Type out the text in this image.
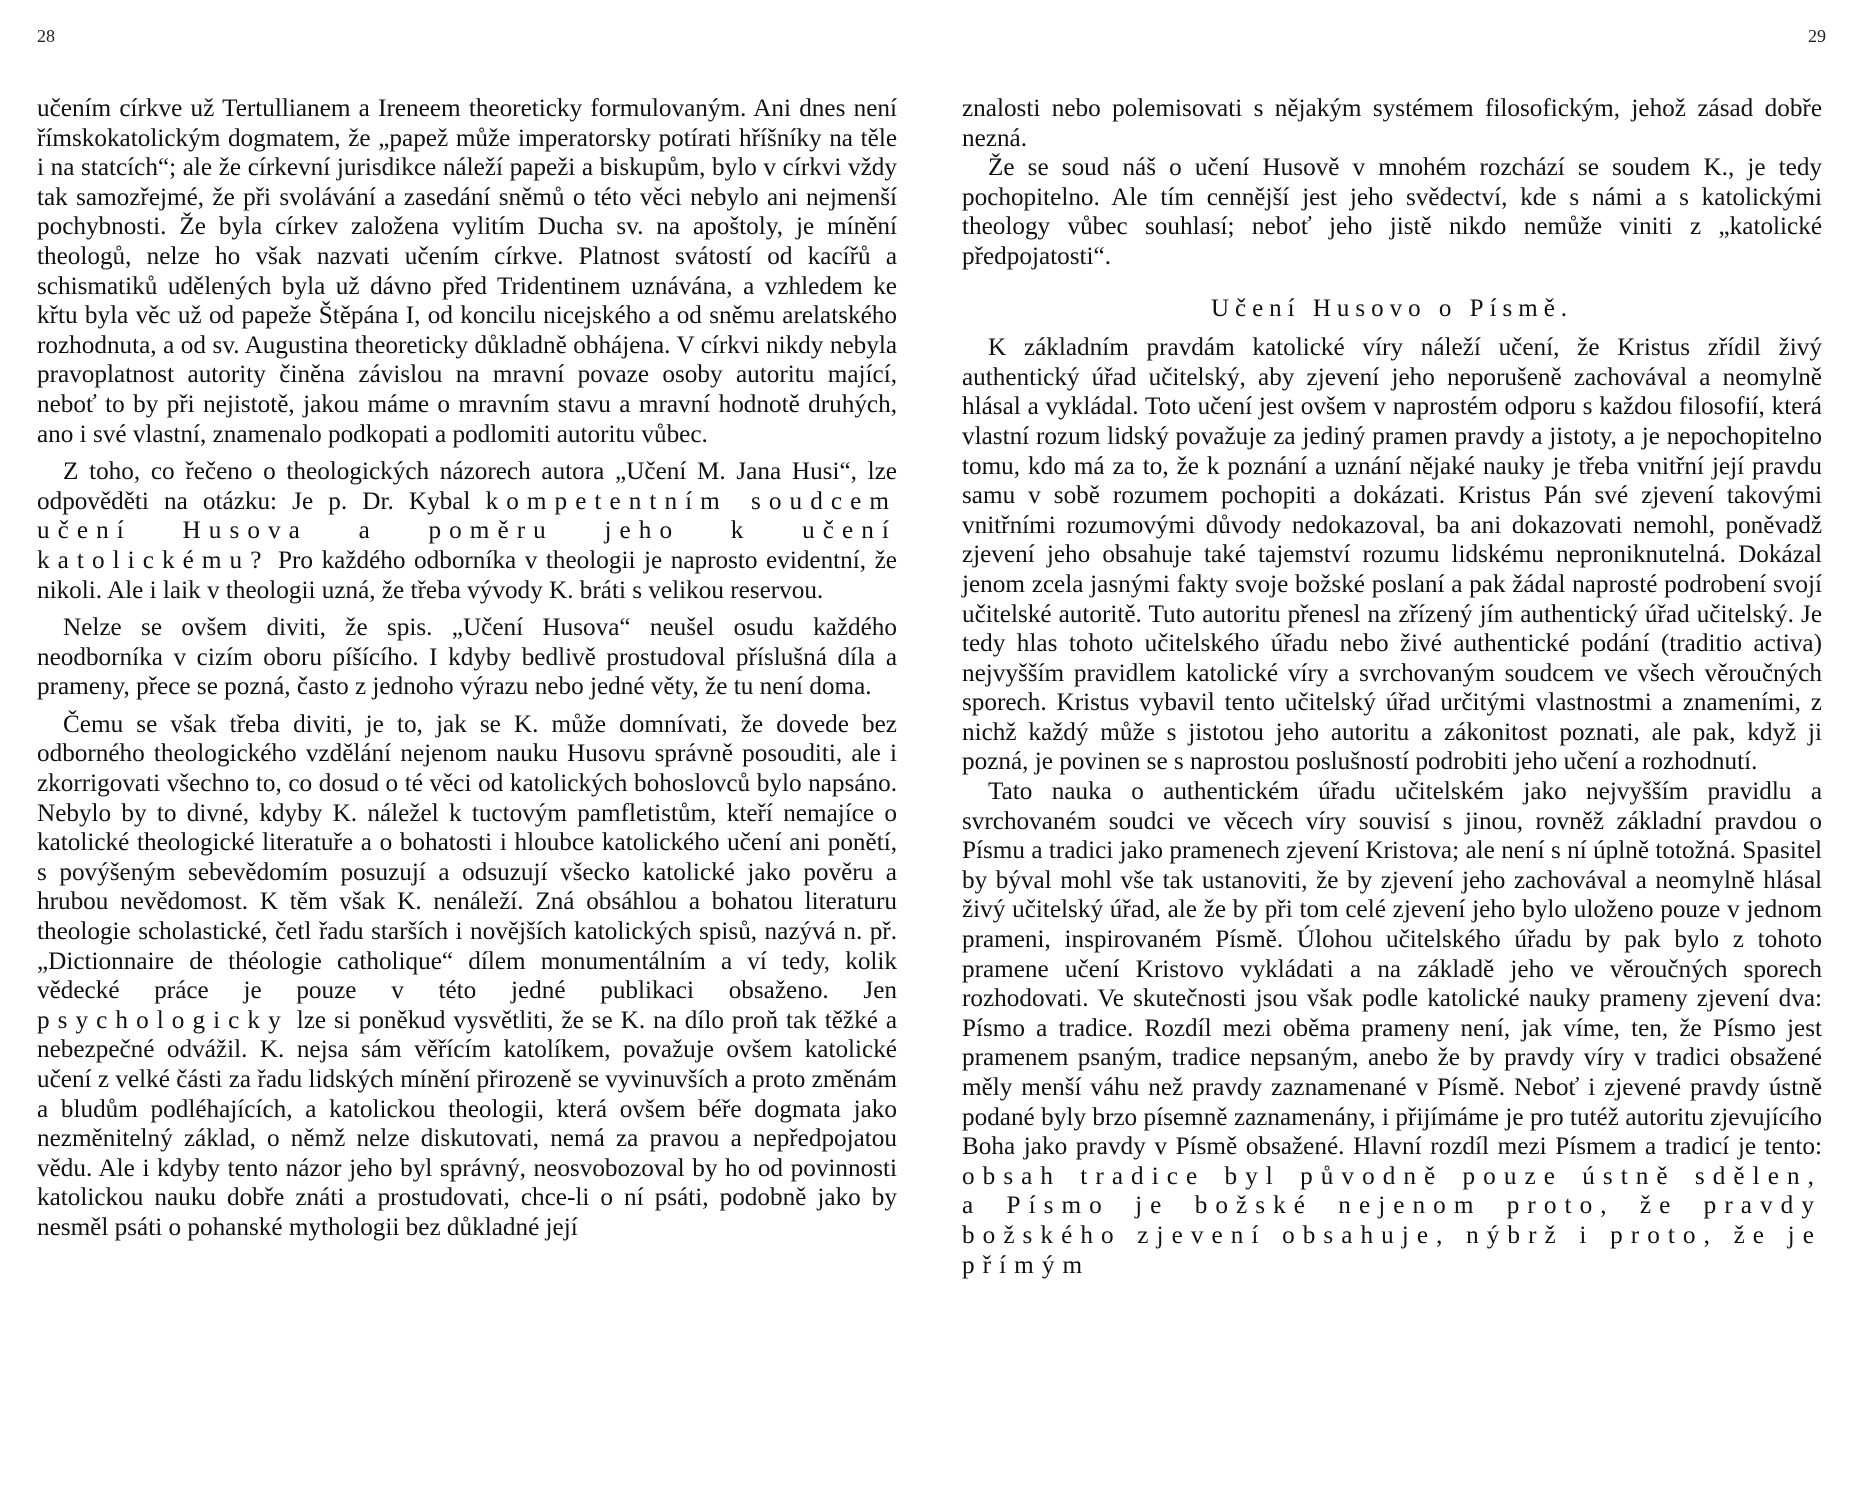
28	29

učením církve už Tertullianem a Ireneem theoreticky formulovaným. Ani dnes není římskokatolickým dogmatem, že „papež může imperatorsky potírati hříšníky na těle i na statcích“; ale že církevní jurisdikce náleží papeži a biskupům, bylo v církvi vždy tak samozřejmé, že při svolávání a zasedání sněmů o této věci nebylo ani nejmenší pochybnosti. Že byla církev založena vylitím Ducha sv. na apoštoly, je mínění theologů, nelze ho však nazvati učením církve. Platnost svátostí od kacířů a schismatiků udělených byla už dávno před Tridentinem uznávána, a vzhledem ke křtu byla věc už od papeže Štěpána I, od koncilu nicejského a od sněmu arelatského rozhodnuta, a od sv. Augustina theoreticky důkladně obhájena. V církvi nikdy nebyla pravoplatnost autority činěna závislou na mravní povaze osoby autoritu mající, neboť to by při nejistotě, jakou máme o mravním stavu a mravní hodnotě druhých, ano i své vlastní, znamenalo podkopati a podlomiti autoritu vůbec.

Z toho, co řečeno o theologických názorech autora „Učení M. Jana Husi“, lze odpověděti na otázku: Je p. Dr. Kybal kompetentním soudcem učení Husova a poměru jeho k učení katolickému? Pro každého odborníka v theologii je naprosto evidentní, že nikoli. Ale i laik v theologii uzná, že třeba vývody K. bráti s velikou reservou.

Nelze se ovšem diviti, že spis. „Učení Husova“ neušel osudu každého neodborníka v cizím oboru píšícího. I kdyby bedlivě prostudoval příslušná díla a prameny, přece se pozná, často z jednoho výrazu nebo jedné věty, že tu není doma.

Čemu se však třeba diviti, je to, jak se K. může domnívati, že dovede bez odborného theologického vzdělání nejenom nauku Husovu správně posouditi, ale i zkorrigovati všechno to, co dosud o té věci od katolických bohoslovců bylo napsáno. Nebylo by to divné, kdyby K. náležel k tuctovým pamfletistům, kteří nemajíce o katolické theologické literatuře a o bohatosti i hloubce katolického učení ani ponětí, s povýšeným sebevědomím posuzují a odsuzují všecko katolické jako pověru a hrubou nevědomost. K těm však K. nenáleží. Zná obsáhlou a bohatou literaturu theologie scholastické, četl řadu starších i novějších katolických spisů, nazývá n. př. „Dictionnaire de théologie catholique“ dílem monumentálním a ví tedy, kolik vědecké práce je pouze v této jedné publikaci obsaženo. Jen psychologicky lze si poněkud vysvětliti, že se K. na dílo proň tak těžké a nebezpečné odvážil. K. nejsa sám věřícím katolíkem, považuje ovšem katolické učení z velké části za řadu lidských mínění přirozeně se vyvinuvších a proto změnám a bludům podléhajících, a katolickou theologii, která ovšem béře dogmata jako nezměnitelný základ, o němž nelze diskutovati, nemá za pravou a nepředpojatou vědu. Ale i kdyby tento názor jeho byl správný, neosvobozoval by ho od povinnosti katolickou nauku dobře znáti a prostudovati, chce-li o ní psáti, podobně jako by nesměl psáti o pohanské mythologii bez důkladné její

znalosti nebo polemisovati s nějakým systémem filosofickým, jehož zásad dobře nezná.

Že se soud náš o učení Husově v mnohém rozchází se soudem K., je tedy pochopitelno. Ale tím cennější jest jeho svědectví, kde s námi a s katolickými theology vůbec souhlasí; neboť jeho jistě nikdo nemůže viniti z „katolické předpojatosti“.

Učení Husovo o Písmě.

K základním pravdám katolické víry náleží učení, že Kristus zřídil živý authentický úřad učitelský, aby zjevení jeho neporušeně zachovával a neomylně hlásal a vykládal. Toto učení jest ovšem v naprostém odporu s každou filosofií, která vlastní rozum lidský považuje za jediný pramen pravdy a jistoty, a je nepochopitelno tomu, kdo má za to, že k poznání a uznání nějaké nauky je třeba vnitřní její pravdu samu v sobě rozumem pochopiti a dokázati. Kristus Pán své zjevení takovými vnitřními rozumovými důvody nedokazoval, ba ani dokazovati nemohl, poněvadž zjevení jeho obsahuje také tajemství rozumu lidskému neproniknutelná. Dokázal jenom zcela jasnými fakty svoje božské poslaní a pak žádal naprosté podrobení svojí učitelské autoritě. Tuto autoritu přenesl na zřízený jím authentický úřad učitelský. Je tedy hlas tohoto učitelského úřadu nebo živé authentické podání (traditio activa) nejvyšším pravidlem katolické víry a svrchovaným soudcem ve všech věroučných sporech. Kristus vybavil tento učitelský úřad určitými vlastnostmi a znameními, z nichž každý může s jistotou jeho autoritu a zákonitost poznati, ale pak, když ji pozná, je povinen se s naprostou poslušností podrobiti jeho učení a rozhodnutí.

Tato nauka o authentickém úřadu učitelském jako nejvyšším pravidlu a svrchovaném soudci ve věcech víry souvisí s jinou, rovněž základní pravdou o Písmu a tradici jako pramenech zjevení Kristova; ale není s ní úplně totožná. Spasitel by býval mohl vše tak ustanoviti, že by zjevení jeho zachovával a neomylně hlásal živý učitelský úřad, ale že by při tom celé zjevení jeho bylo uloženo pouze v jednom prameni, inspirovaném Písmě. Úlohou učitelského úřadu by pak bylo z tohoto pramene učení Kristovo vykládati a na základě jeho ve věroučných sporech rozhodovati. Ve skutečnosti jsou však podle katolické nauky prameny zjevení dva: Písmo a tradice. Rozdíl mezi oběma prameny není, jak víme, ten, že Písmo jest pramenem psaným, tradice nepsaným, anebo že by pravdy víry v tradici obsažené měly menší váhu než pravdy zaznamenané v Písmě. Neboť i zjevené pravdy ústně podané byly brzo písemně zaznamenány, i přijímáme je pro tutéž autoritu zjevujícího Boha jako pravdy v Písmě obsažené. Hlavní rozdíl mezi Písmem a tradicí je tento: obsah tradice byl původně pouze ústně sdělen, a Písmo je božské nejenom proto, že pravdy božského zjevení obsahuje, nýbrž i proto, že je přímým
